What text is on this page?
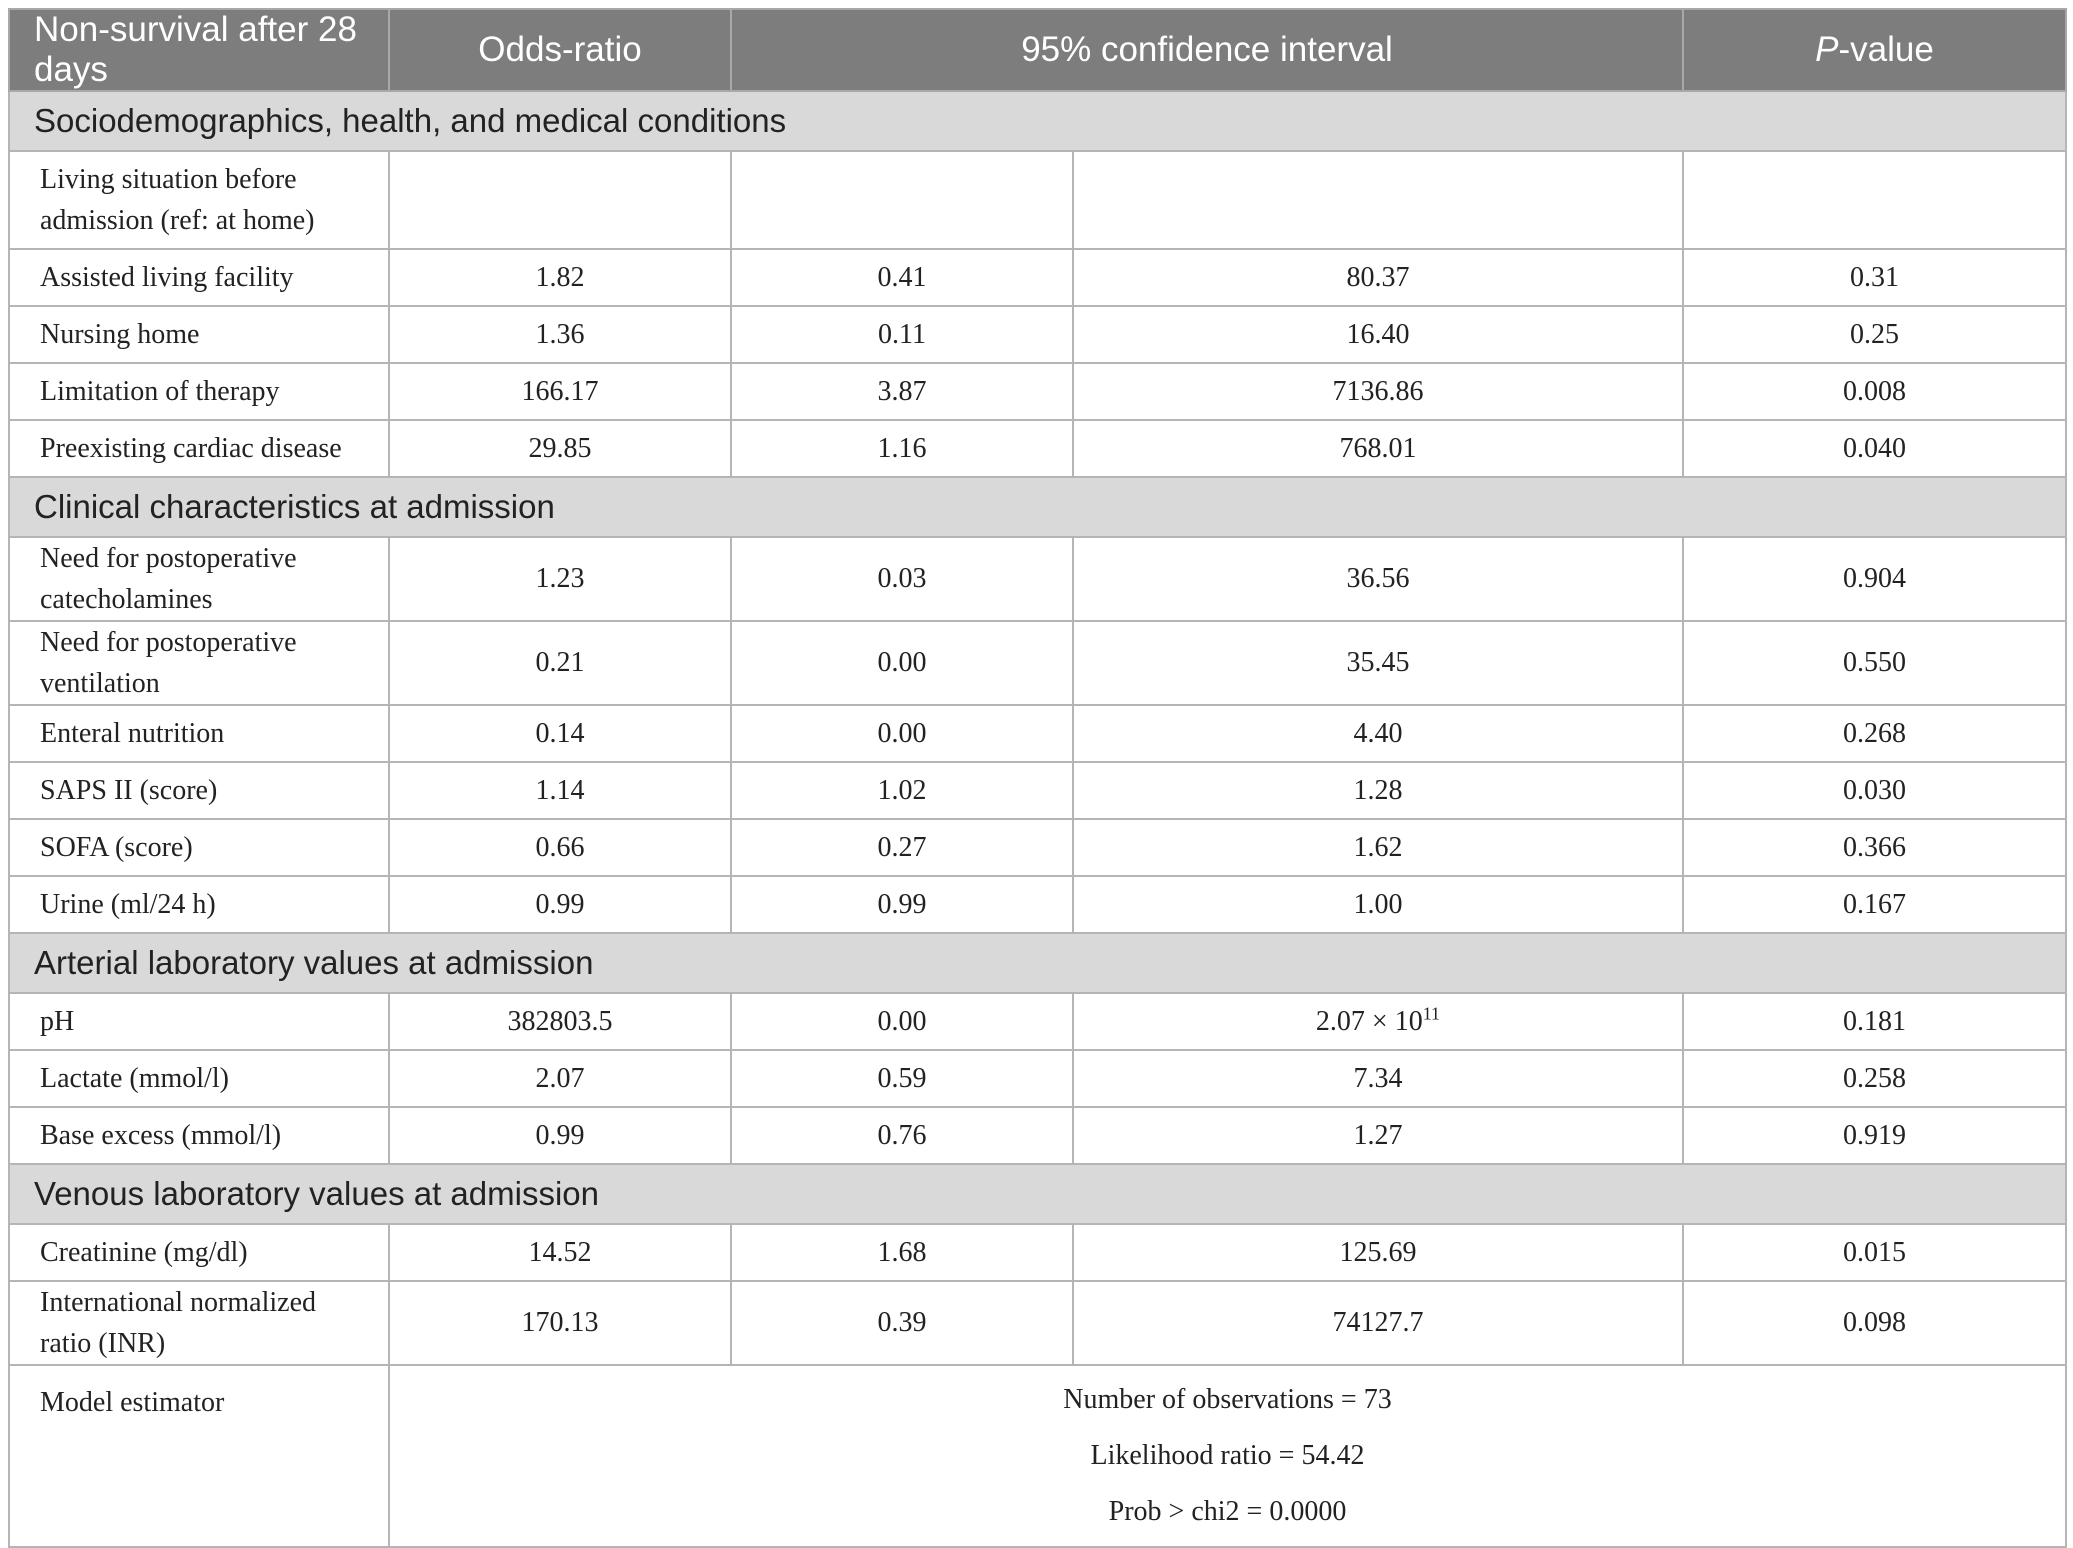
Non-survival after 28 days	Odds-ratio	95% confidence interval		P-value
Sociodemographics, health, and medical conditions				
Living situation before admission (ref: at home)				
Assisted living facility	1.82	0.41	80.37	0.31
Nursing home	1.36	0.11	16.40	0.25
Limitation of therapy	166.17	3.87	7136.86	0.008
Preexisting cardiac disease	29.85	1.16	768.01	0.040
Clinical characteristics at admission				
Need for postoperative catecholamines	1.23	0.03	36.56	0.904
Need for postoperative ventilation	0.21	0.00	35.45	0.550
Enteral nutrition	0.14	0.00	4.40	0.268
SAPS II (score)	1.14	1.02	1.28	0.030
SOFA (score)	0.66	0.27	1.62	0.366
Urine (ml/24 h)	0.99	0.99	1.00	0.167
Arterial laboratory values at admission				
pH	382803.5	0.00	$2.07 \times 10^{11}$	0.181
Lactate (mmol/l)	2.07	0.59	7.34	0.258
Base excess (mmol/l)	0.99	0.76	1.27	0.919
Venous laboratory values at admission				
Creatinine (mg/dl)	14.52	1.68	125.69	0.015
International normalized ratio (INR)	170.13	0.39	74127.7	0.098
Model estimator	Number of observations = 73
Likelihood ratio = 54.42
Prob > chi2 = 0.0000			
